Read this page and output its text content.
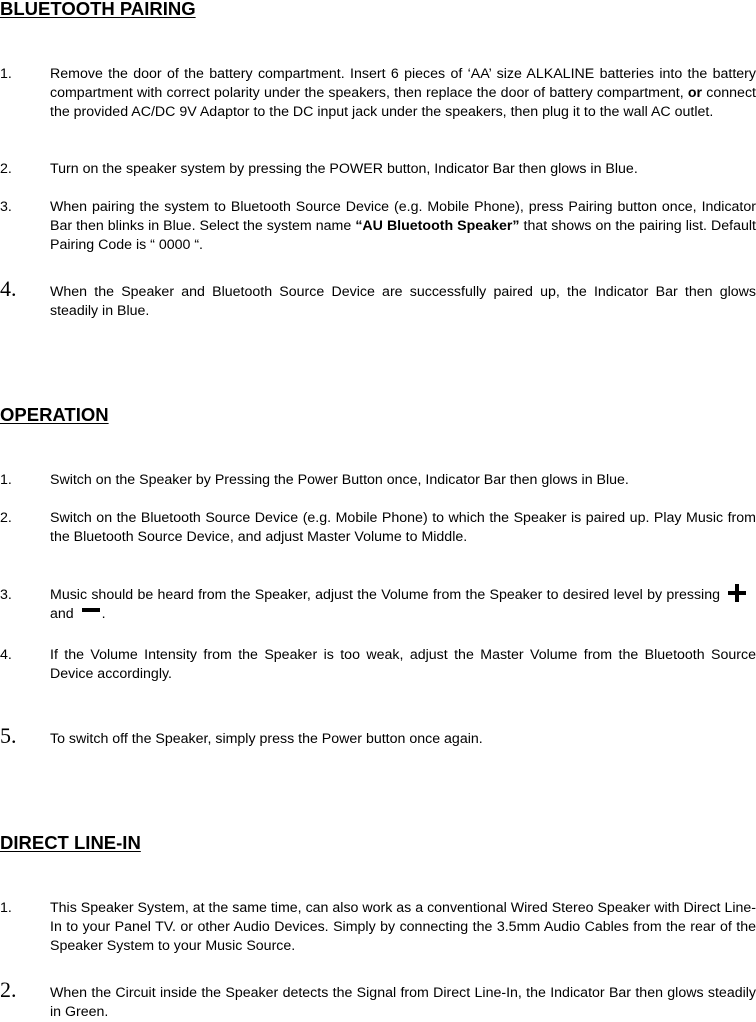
BLUETOOTH PAIRING
1.	Remove the door of the battery compartment. Insert 6 pieces of ‘AA’ size ALKALINE batteries into the battery compartment with correct polarity under the speakers, then replace the door of battery compartment, or connect the provided AC/DC 9V Adaptor to the DC input jack under the speakers, then plug it to the wall AC outlet.

2.	Turn on the speaker system by pressing the POWER button, Indicator Bar then glows in Blue.

3.	When pairing the system to Bluetooth Source Device (e.g. Mobile Phone), press Pairing button once, Indicator Bar then blinks in Blue. Select the system name “AU Bluetooth Speaker” that shows on the pairing list. Default Pairing Code is “ 0000 “.

4. When the Speaker and Bluetooth Source Device are successfully paired up, the Indicator Bar then glows steadily in Blue.

OPERATION
1.	Switch on the Speaker by Pressing the Power Button once, Indicator Bar then glows in Blue.

2.	Switch on the Bluetooth Source Device (e.g. Mobile Phone) to which the Speaker is paired up. Play Music from the Bluetooth Source Device, and adjust Master Volume to Middle.

3.	Music should be heard from the Speaker, adjust the Volume from the Speaker to desired level by pressingand .

4.	If the Volume Intensity from the Speaker is too weak, adjust the Master Volume from the Bluetooth Source Device accordingly.

5. To switch off the Speaker, simply press the Power button once again.

DIRECT LINE-IN
1.	This Speaker System, at the same time, can also work as a conventional Wired Stereo Speaker with Direct Line-In to your Panel TV. or other Audio Devices. Simply by connecting the 3.5mm Audio Cables from the rear of the Speaker System to your Music Source.

2. When the Circuit inside the Speaker detects the Signal from Direct Line-In, the Indicator Bar then glows steadily in Green.
